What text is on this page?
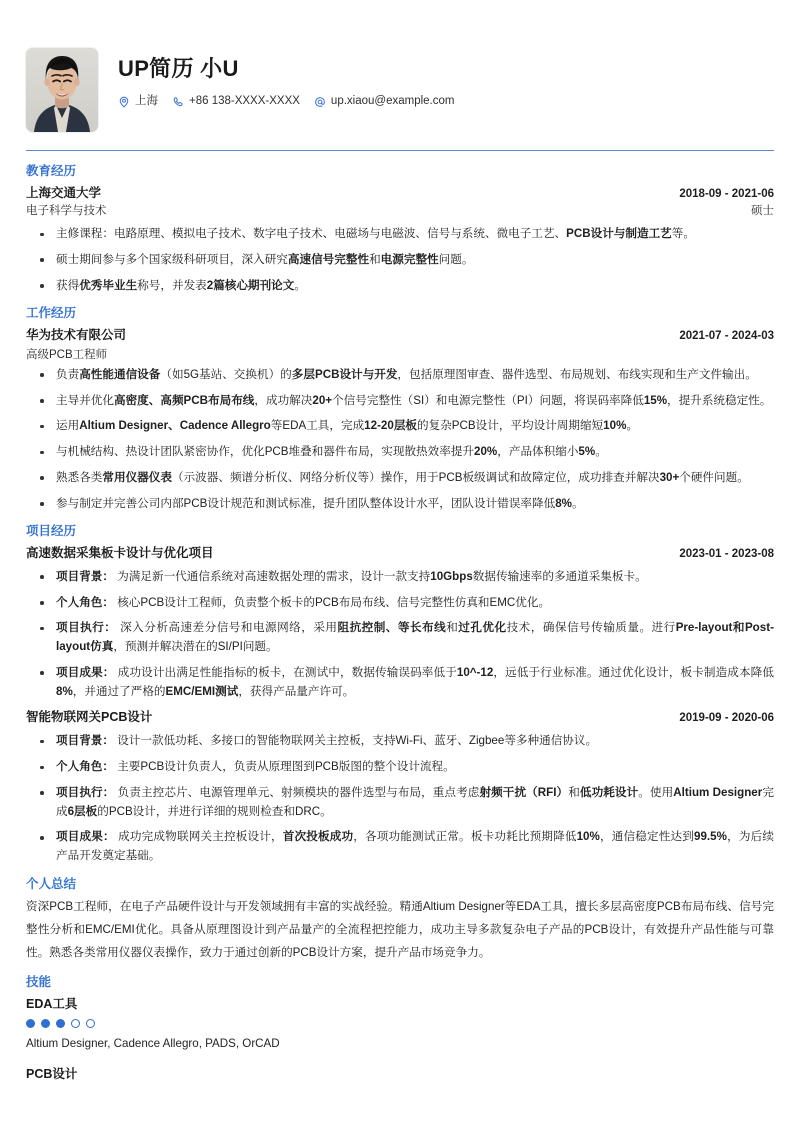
UP简历 小U
上海	+86 138-XXXX-XXXX	up.xiaou@example.com
教育经历
上海交通大学	2018-09 - 2021-06
电子科学与技术	硕士
主修课程：电路原理、模拟电子技术、数字电子技术、电磁场与电磁波、信号与系统、微电子工艺、PCB设计与制造工艺等。
硕士期间参与多个国家级科研项目，深入研究高速信号完整性和电源完整性问题。
获得优秀毕业生称号，并发表2篇核心期刊论文。
工作经历
华为技术有限公司	2021-07 - 2024-03
高级PCB工程师
负责高性能通信设备（如5G基站、交换机）的多层PCB设计与开发，包括原理图审查、器件选型、布局规划、布线实现和生产文件输出。
主导并优化高密度、高频PCB布局布线，成功解决20+个信号完整性（SI）和电源完整性（PI）问题，将误码率降低15%，提升系统稳定性。
运用Altium Designer、Cadence Allegro等EDA工具，完成12-20层板的复杂PCB设计，平均设计周期缩短10%。
与机械结构、热设计团队紧密协作，优化PCB堆叠和器件布局，实现散热效率提升20%，产品体积缩小5%。
熟悉各类常用仪器仪表（示波器、频谱分析仪、网络分析仪等）操作，用于PCB板级调试和故障定位，成功排查并解决30+个硬件问题。
参与制定并完善公司内部PCB设计规范和测试标准，提升团队整体设计水平，团队设计错误率降低8%。
项目经历
高速数据采集板卡设计与优化项目	2023-01 - 2023-08
项目背景： 为满足新一代通信系统对高速数据处理的需求，设计一款支持10Gbps数据传输速率的多通道采集板卡。
个人角色： 核心PCB设计工程师，负责整个板卡的PCB布局布线、信号完整性仿真和EMC优化。
项目执行： 深入分析高速差分信号和电源网络，采用阻抗控制、等长布线和过孔优化技术，确保信号传输质量。进行Pre-layout和Post-layout仿真，预测并解决潜在的SI/PI问题。
项目成果： 成功设计出满足性能指标的板卡，在测试中，数据传输误码率低于10^-12，远低于行业标准。通过优化设计，板卡制造成本降低8%，并通过了严格的EMC/EMI测试，获得产品量产许可。
智能物联网关PCB设计	2019-09 - 2020-06
项目背景： 设计一款低功耗、多接口的智能物联网关主控板，支持Wi-Fi、蓝牙、Zigbee等多种通信协议。
个人角色： 主要PCB设计负责人，负责从原理图到PCB版图的整个设计流程。
项目执行： 负责主控芯片、电源管理单元、射频模块的器件选型与布局，重点考虑射频干扰（RFI）和低功耗设计。使用Altium Designer完成6层板的PCB设计，并进行详细的规则检查和DRC。
项目成果： 成功完成物联网关主控板设计，首次投板成功，各项功能测试正常。板卡功耗比预期降低10%，通信稳定性达到99.5%，为后续产品开发奠定基础。
个人总结
资深PCB工程师，在电子产品硬件设计与开发领域拥有丰富的实战经验。精通Altium Designer等EDA工具，擅长多层高密度PCB布局布线、信号完整性分析和EMC/EMI优化。具备从原理图设计到产品量产的全流程把控能力，成功主导多款复杂电子产品的PCB设计，有效提升产品性能与可靠性。熟悉各类常用仪器仪表操作，致力于通过创新的PCB设计方案，提升产品市场竞争力。
技能
EDA工具
Altium Designer, Cadence Allegro, PADS, OrCAD
PCB设计
